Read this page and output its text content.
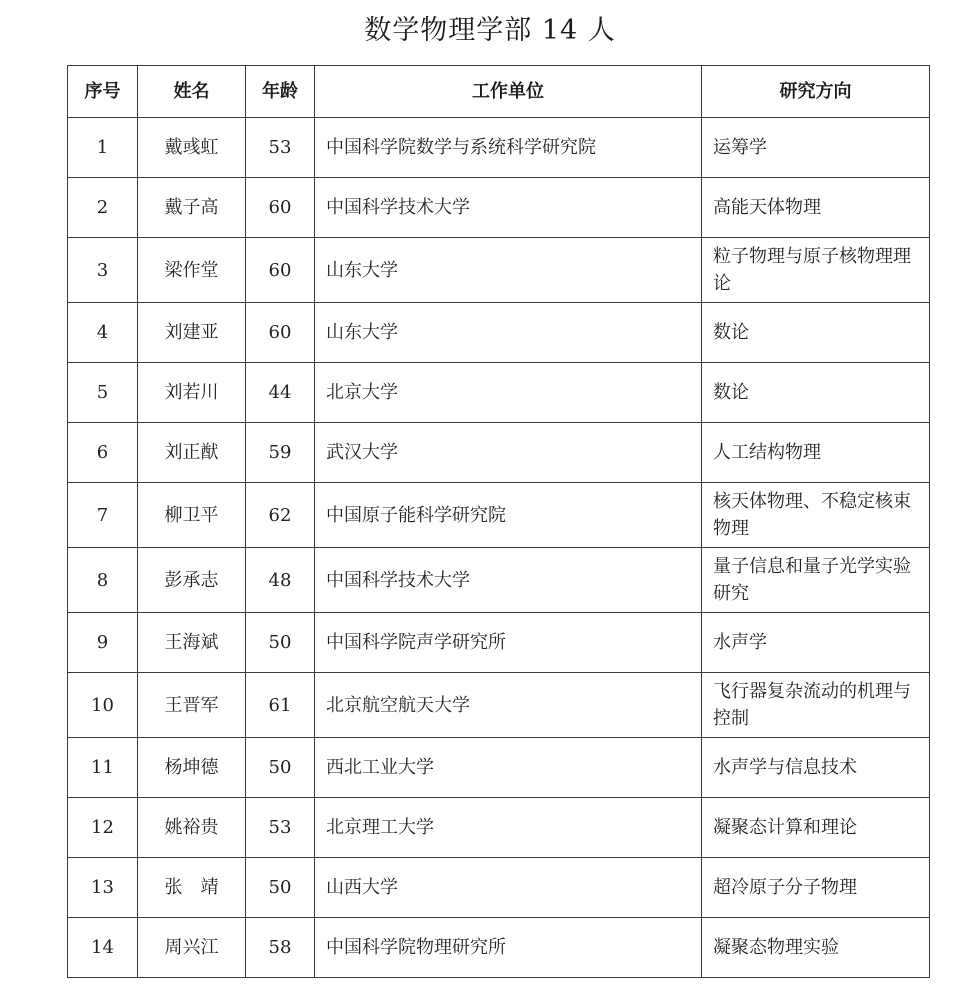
数学物理学部 14 人
序号	姓名	年龄	工作单位	研究方向
1	戴彧虹	53	中国科学院数学与系统科学研究院	运筹学
2	戴子高	60	中国科学技术大学	高能天体物理
3	梁作堂	60	山东大学	粒子物理与原子核物理理论
4	刘建亚	60	山东大学	数论
5	刘若川	44	北京大学	数论
6	刘正猷	59	武汉大学	人工结构物理
7	柳卫平	62	中国原子能科学研究院	核天体物理、不稳定核束物理
8	彭承志	48	中国科学技术大学	量子信息和量子光学实验研究
9	王海斌	50	中国科学院声学研究所	水声学
10	王晋军	61	北京航空航天大学	飞行器复杂流动的机理与控制
11	杨坤德	50	西北工业大学	水声学与信息技术
12	姚裕贵	53	北京理工大学	凝聚态计算和理论
13	张　靖	50	山西大学	超冷原子分子物理
14	周兴江	58	中国科学院物理研究所	凝聚态物理实验
